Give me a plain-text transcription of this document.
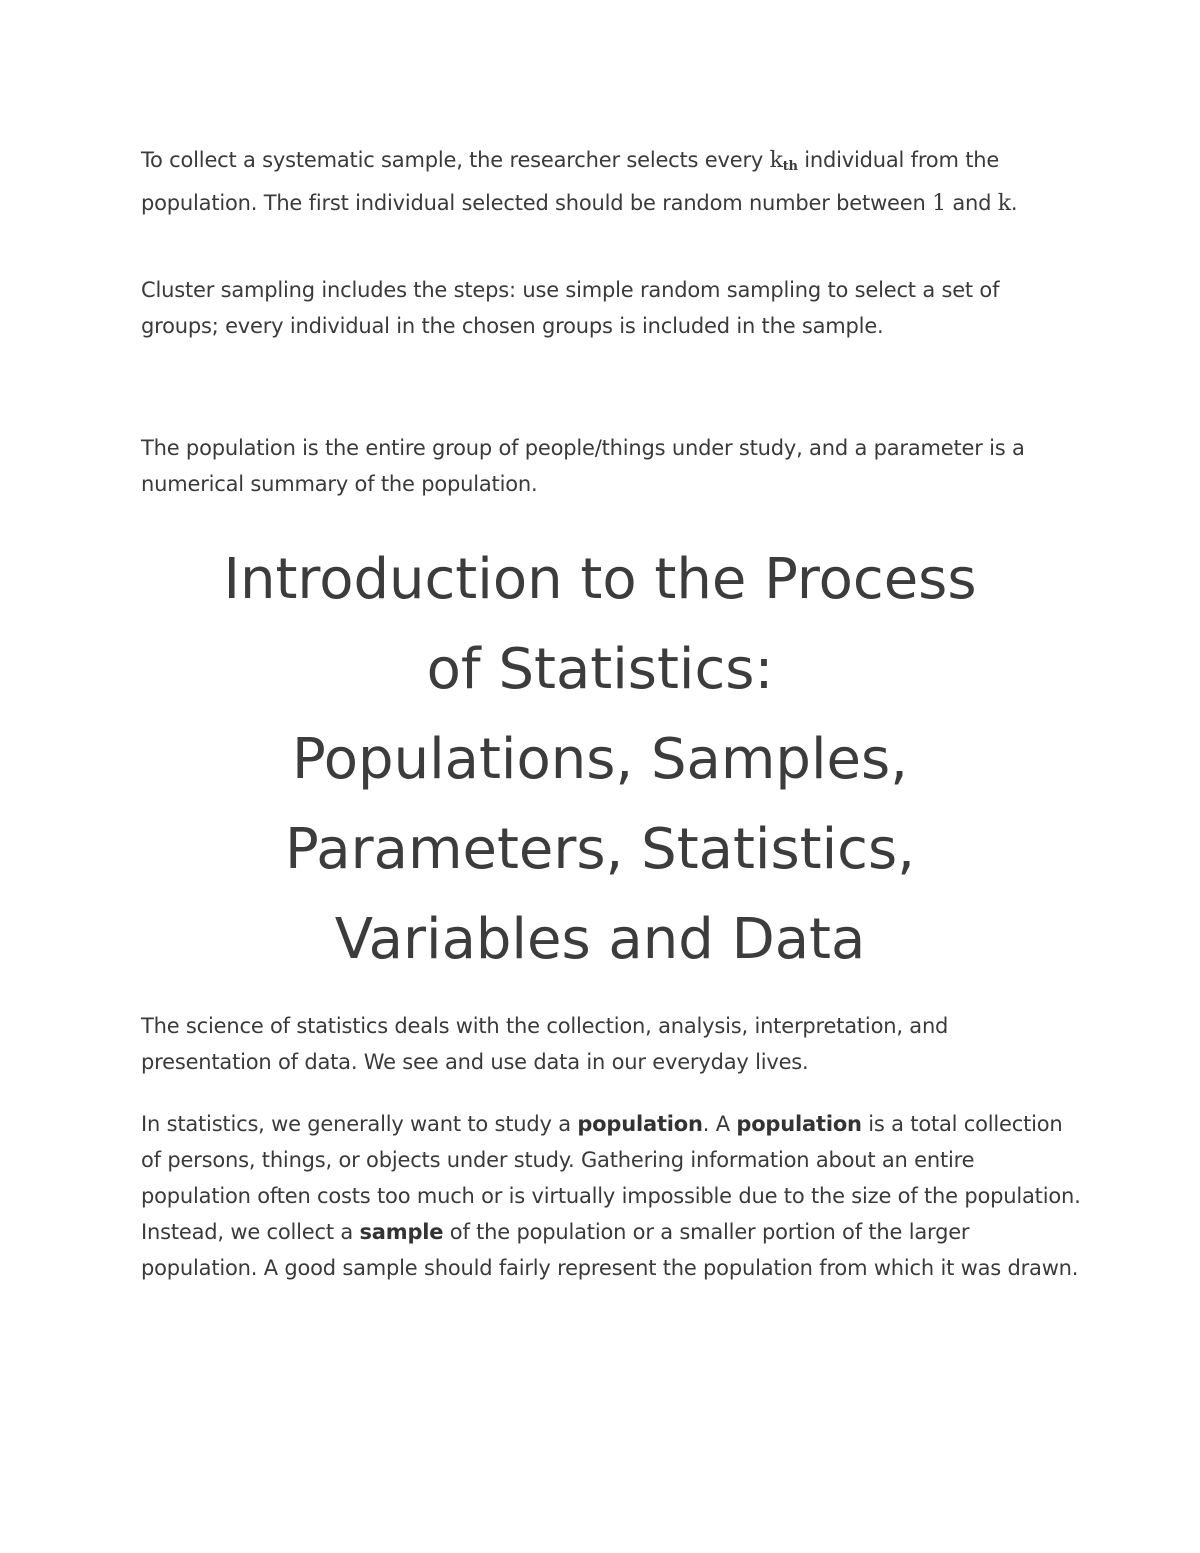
To collect a systematic sample, the researcher selects every kth individual from the population. The first individual selected should be random number between 1 and k.

Cluster sampling includes the steps: use simple random sampling to select a set of groups; every individual in the chosen groups is included in the sample.

The population is the entire group of people/things under study, and a parameter is a numerical summary of the population.

Introduction to the Process
of Statistics:
Populations, Samples,
Parameters, Statistics,
Variables and Data

The science of statistics deals with the collection, analysis, interpretation, and presentation of data. We see and use data in our everyday lives.

In statistics, we generally want to study a population. A population is a total collection of persons, things, or objects under study. Gathering information about an entire population often costs too much or is virtually impossible due to the size of the population. Instead, we collect a sample of the population or a smaller portion of the larger population. A good sample should fairly represent the population from which it was drawn.
